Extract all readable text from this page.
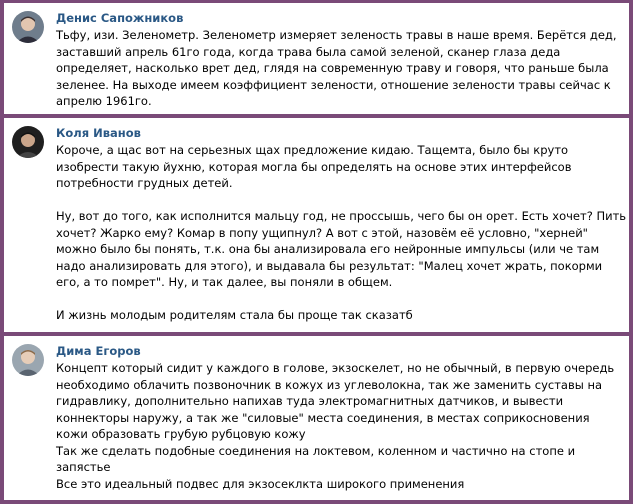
Денис Сапожников
Тьфу, изи. Зеленометр. Зеленометр измеряет зеленость травы в наше время. Берётся дед,
заставший апрель 61го года, когда трава была самой зеленой, сканер глаза деда
определяет, насколько врет дед, глядя на современную траву и говоря, что раньше была
зеленее. На выходе имеем коэффициент зелености, отношение зелености травы сейчас к
апрелю 1961го.
Коля Иванов
Короче, а щас вот на серьезных щах предложение кидаю. Тащемта, было бы круто
изобрести такую йухню, которая могла бы определять на основе этих интерфейсов
потребности грудных детей.
Ну, вот до того, как исполнится мальцу год, не проссышь, чего бы он орет. Есть хочет? Пить
хочет? Жарко ему? Комар в попу ущипнул? А вот с этой, назовём её условно, "херней"
можно было бы понять, т.к. она бы анализировала его нейронные импульсы (или че там
надо анализировать для этого), и выдавала бы результат: "Малец хочет жрать, покорми
его, а то помрет". Ну, и так далее, вы поняли в общем.
И жизнь молодым родителям стала бы проще так сказатб
Дима Егоров
Концепт который сидит у каждого в голове, экзоскелет, но не обычный, в первую очередь
необходимо облачить позвоночник в кожух из углеволокна, так же заменить суставы на
гидравлику, дополнительно напихав туда электромагнитных датчиков, и вывести
коннекторы наружу, а так же "силовые" места соединения, в местах соприкосновения
кожи образовать грубую рубцовую кожу
Так же сделать подобные соединения на локтевом, коленном и частично на стопе и
запястье
Все это идеальный подвес для экзосеклкта широкого применения
